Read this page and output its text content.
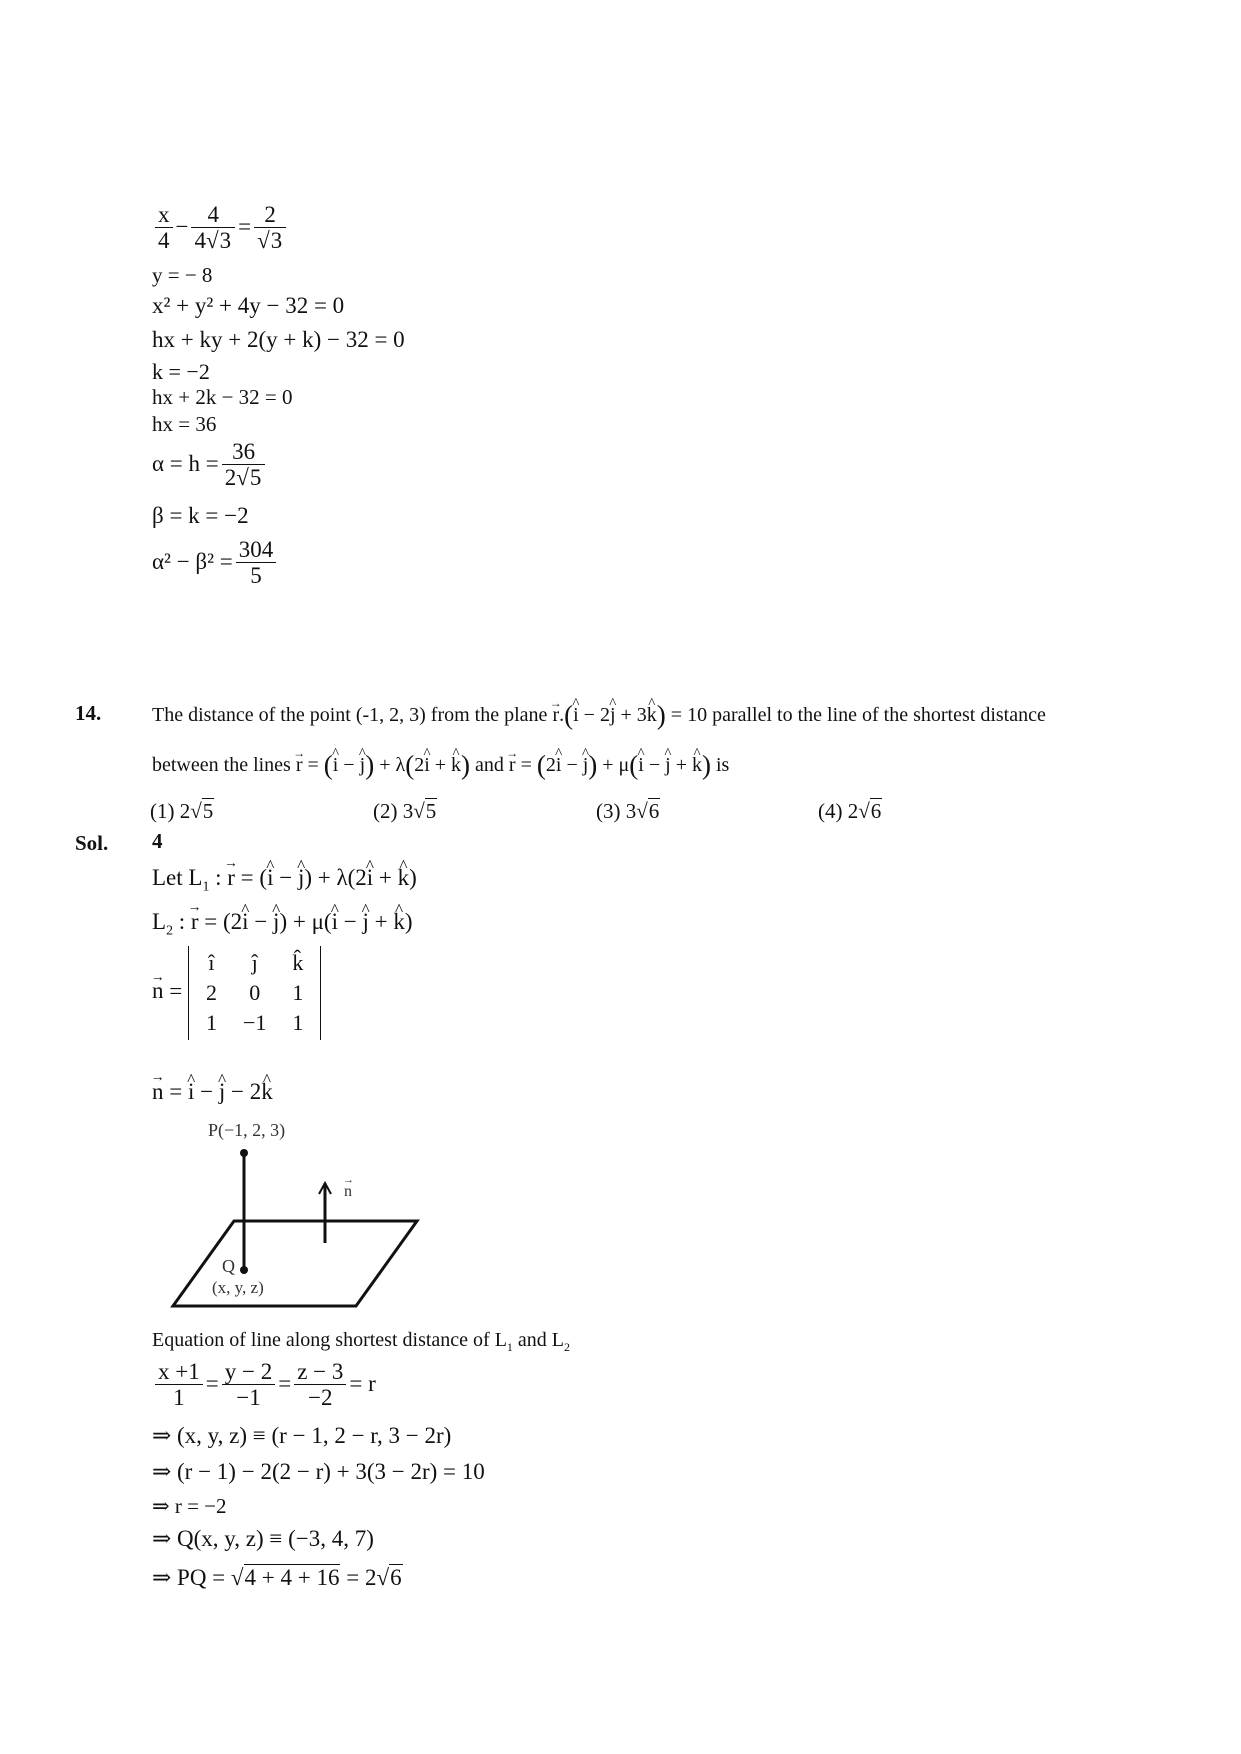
$\frac{x}{4} - \frac{4}{4√3} = \frac{2}{√3}$
y = − 8
x² + y² + 4y − 32 = 0
hx + ky + 2(y + k) − 32 = 0
k = −2
hx + 2k − 32 = 0
hx = 36
$\alpha = h = \frac{36}{2√5}$
β = k = −2
$\alpha^2 - \beta^2 = \frac{304}{5}$
14.	The distance of the point (-1, 2, 3) from the plane r →.(i ^ − 2j ^ + 3k ^) = 10 parallel to the line of the shortest distance
between the lines r → = (i ^ − j ^) + λ(2i ^ + k ^) and r → = (2i ^ − j ^) + μ(i ^ − j ^ + k ^) is
(1) 2√5	(2) 3√5	(3) 3√6	(4) 2√6
Sol. 4
Let $L_1$ : r → = (i ^ − j ^) + λ(2i ^ + k ^)
$L_2$ : r → = (2i ^ − j ^) + μ(i ^ − j ^ + k ^)
n → =
î	ĵ	k̂
2	0	1
1	−1	1
n → = i ^ − j ^ − 2k ^
P(−1, 2, 3)
n
→
Q
(x, y, z)
Equation of line along shortest distance of $L_1$ and $L_2$
$\frac{x +1}{1} = \frac{y - 2}{-1} = \frac{z - 3}{-2} = r$
⇒ (x, y, z) ≡ (r − 1, 2 − r, 3 − 2r)
⇒ (r − 1) − 2(2 − r) + 3(3 − 2r) = 10
⇒ r = −2
⇒ Q(x, y, z) ≡ (−3, 4, 7)
⇒ PQ = √4 + 4 + 16 = 2√6
